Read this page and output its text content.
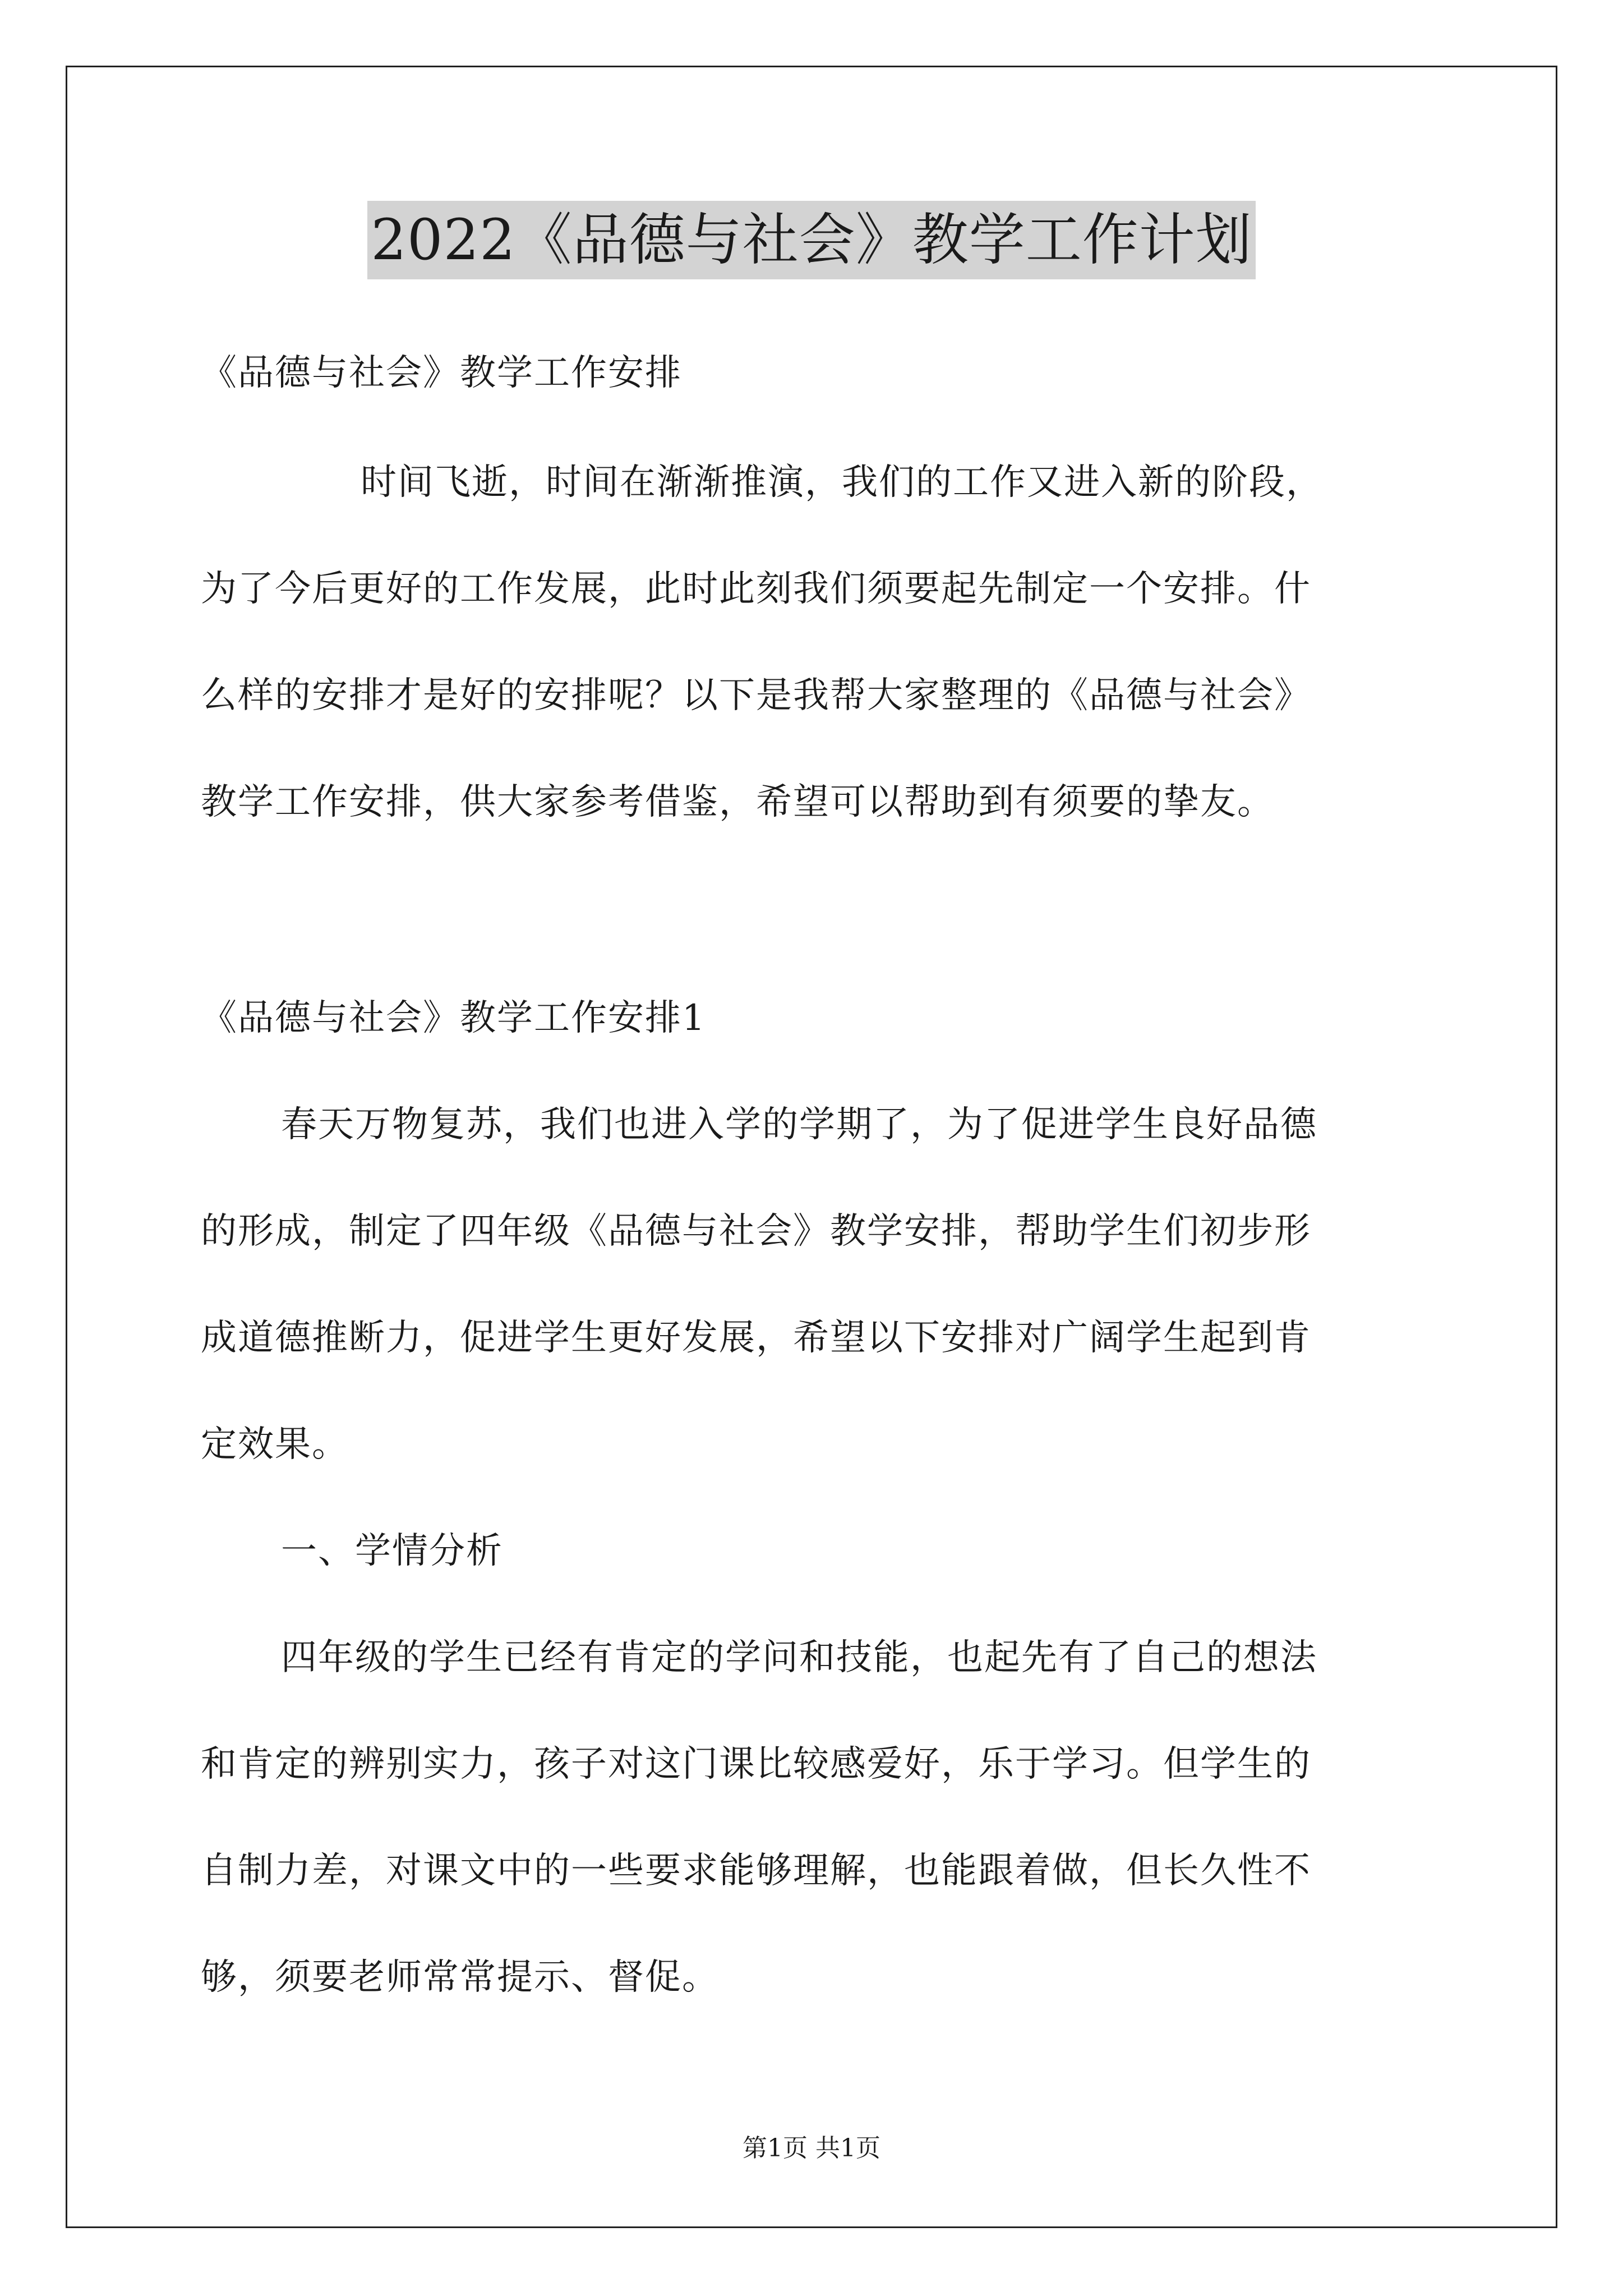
2022《品德与社会》教学工作计划
《品德与社会》教学工作安排
时间飞逝，时间在渐渐推演，我们的工作又进入新的阶段，
为了今后更好的工作发展，此时此刻我们须要起先制定一个安排。什
么样的安排才是好的安排呢？以下是我帮大家整理的《品德与社会》
教学工作安排，供大家参考借鉴，希望可以帮助到有须要的挚友。
《品德与社会》教学工作安排1
春天万物复苏，我们也进入学的学期了，为了促进学生良好品德
的形成，制定了四年级《品德与社会》教学安排，帮助学生们初步形
成道德推断力，促进学生更好发展，希望以下安排对广阔学生起到肯
定效果。
一、学情分析
四年级的学生已经有肯定的学问和技能，也起先有了自己的想法
和肯定的辨别实力，孩子对这门课比较感爱好，乐于学习。但学生的
自制力差，对课文中的一些要求能够理解，也能跟着做，但长久性不
够，须要老师常常提示、督促。
第1页 共1页
